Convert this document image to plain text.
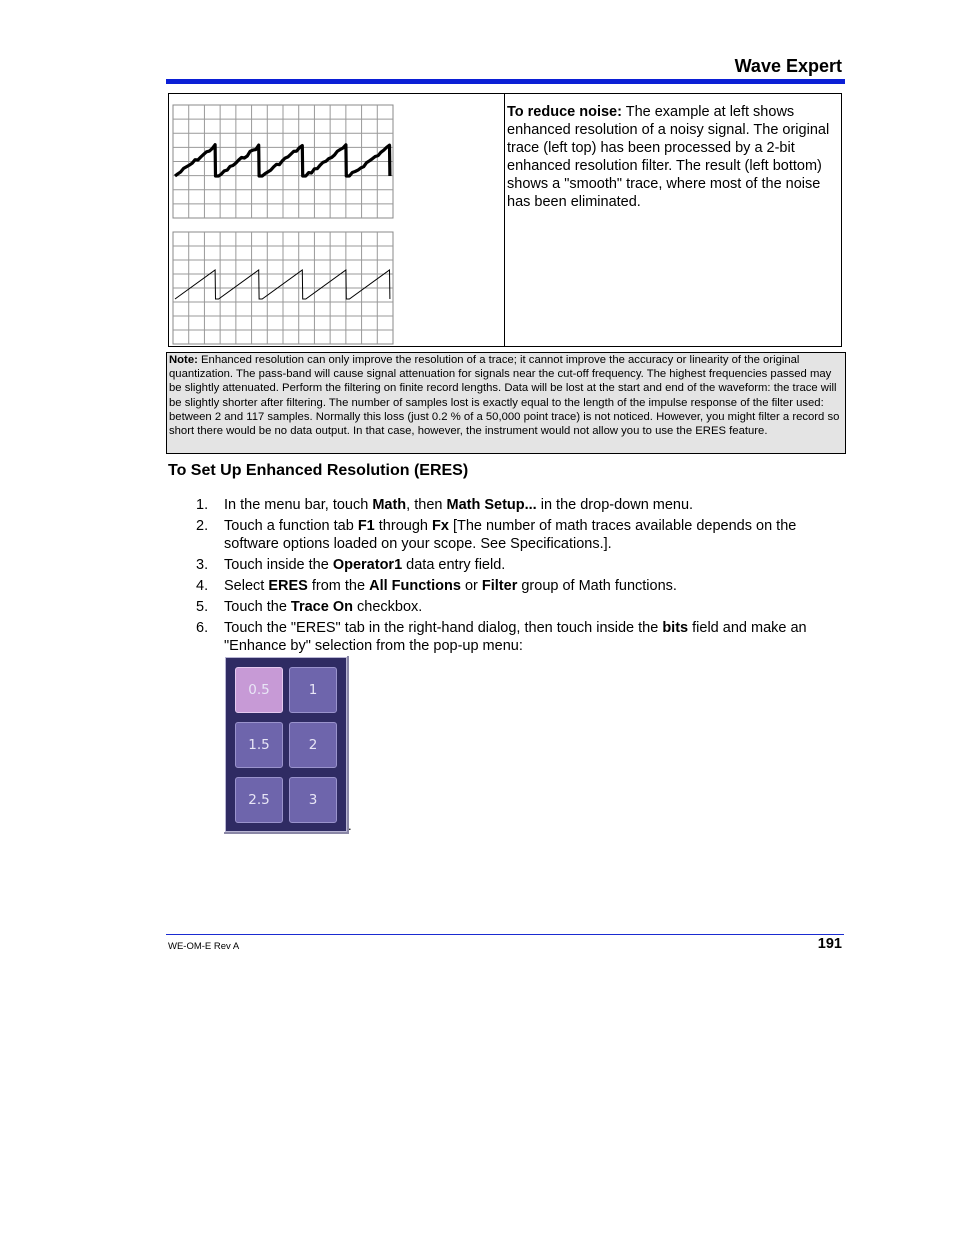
Wave Expert

To reduce noise: The example at left shows enhanced resolution of a noisy signal. The original trace (left top) has been processed by a 2-bit enhanced resolution filter. The result (left bottom) shows a "smooth" trace, where most of the noise has been eliminated.

Note: Enhanced resolution can only improve the resolution of a trace; it cannot improve the accuracy or linearity of the original quantization. The pass-band will cause signal attenuation for signals near the cut-off frequency. The highest frequencies passed may be slightly attenuated. Perform the filtering on finite record lengths. Data will be lost at the start and end of the waveform: the trace will be slightly shorter after filtering. The number of samples lost is exactly equal to the length of the impulse response of the filter used: between 2 and 117 samples. Normally this loss (just 0.2 % of a 50,000 point trace) is not noticed. However, you might filter a record so short there would be no data output. In that case, however, the instrument would not allow you to use the ERES feature.

To Set Up Enhanced Resolution (ERES)
1. In the menu bar, touch Math, then Math Setup... in the drop-down menu.
2. Touch a function tab F1 through Fx [The number of math traces available depends on the software options loaded on your scope. See Specifications.].
3. Touch inside the Operator1 data entry field.
4. Select ERES from the All Functions or Filter group of Math functions.
5. Touch the Trace On checkbox.
6. Touch the "ERES" tab in the right-hand dialog, then touch inside the bits field and make an "Enhance by" selection from the pop-up menu:
0.5	1
1.5	2
2.5	3
.
WE-OM-E Rev A	191
